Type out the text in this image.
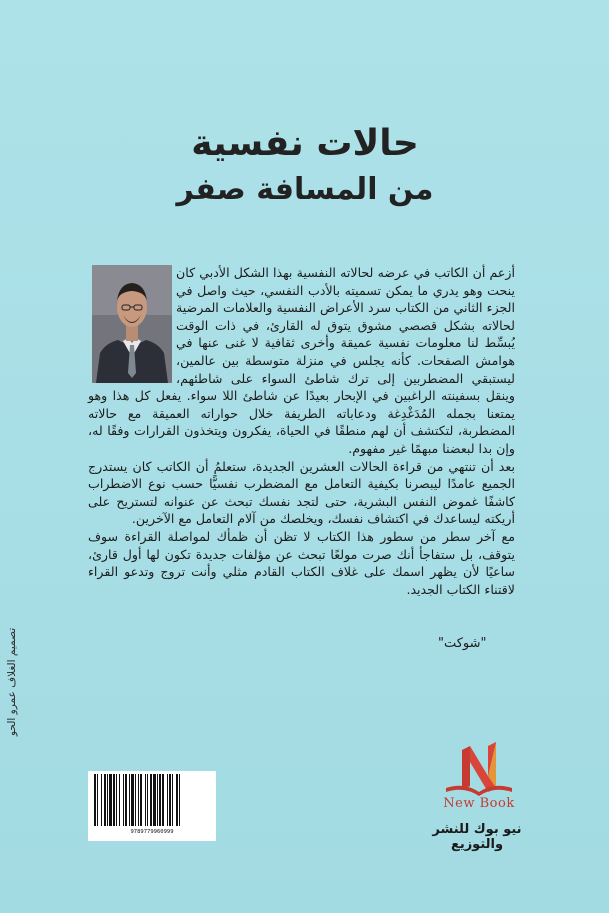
حالات نفسية
من المسافة صفر

أزعم أن الكاتب في عرضه لحالاته النفسية بهذا الشكل الأدبي كان ينحت وهو يدري ما يمكن تسميته بالأدب النفسي، حيث واصل في الجزء الثاني من الكتاب سرد الأعراض النفسية والعلامات المرضية لحالاته بشكل قصصي مشوق يتوق له القارئ، في ذات الوقت يُبسِّط لنا معلومات نفسية عميقة وأخرى ثقافية لا غنى عنها في هوامش الصفحات. كأنه يجلس في منزلة متوسطة بين عالمين، ليستبقي المضطربين إلى ترك شاطئ السواء على شاطئهم، وينقل بسفينته الراغبين في الإبحار بعيدًا عن شاطئ اللا سواء. يفعل كل هذا وهو يمتعنا بجمله المُدَغْدِغة ودعاباته الطريفة خلال حواراته العميقة مع حالاته المضطربة، لتكتشف أن لهم منطقًا في الحياة، يفكرون ويتخذون القرارات وفقًا له، وإن بدا لبعضنا مبهمًا غير مفهوم.

بعد أن تنتهي من قراءة الحالات العشرين الجديدة، ستعلمُ أن الكاتب كان يستدرج الجميع عامدًا ليبصرنا بكيفية التعامل مع المضطرب نفسيًّا حسب نوع الاضطراب كاشفًا غموض النفس البشرية، حتى لتجد نفسك تبحث عن عنوانه لتستريح على أريكته ليساعدك في اكتشاف نفسك، ويخلصك من آلام التعامل مع الآخرين.

مع آخر سطر من سطور هذا الكتاب لا تظن أن ظمأك لمواصلة القراءة سوف يتوقف، بل ستفاجأ أنك صرت مولعًا تبحث عن مؤلفات جديدة تكون لها أول قارئ، ساعيًا لأن يظهر اسمك على غلاف الكتاب القادم مثلي وأنت تروج وتدعو القراء لاقتناء الكتاب الجديد.

"شوكت"
تصميم الغلاف عمرو الحو
9789779960999
New Book
نيو بوك للنشر والتوزيع
